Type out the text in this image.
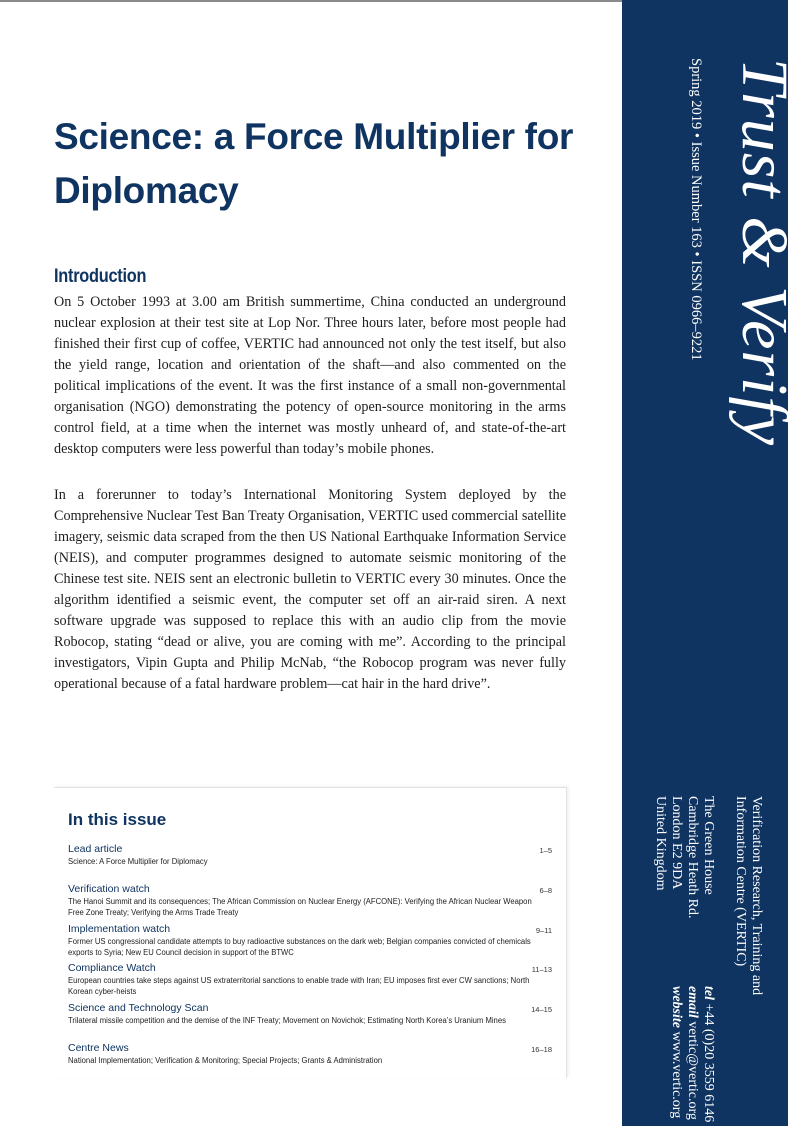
Science: a Force Multiplier for Diplomacy
Introduction

On 5 October 1993 at 3.00 am British summertime, China conducted an underground nuclear explosion at their test site at Lop Nor. Three hours later, before most people had finished their first cup of coffee, VERTIC had announced not only the test itself, but also the yield range, location and orientation of the shaft—and also commented on the political implications of the event. It was the first instance of a small non-governmental organisation (NGO) demonstrating the potency of open-source monitoring in the arms control field, at a time when the internet was mostly unheard of, and state-of-the-art desktop computers were less powerful than today’s mobile phones.

In a forerunner to today’s International Monitoring System deployed by the Comprehensive Nuclear Test Ban Treaty Organisation, VERTIC used commercial satellite imagery, seismic data scraped from the then US National Earthquake Information Service (NEIS), and computer programmes designed to automate seismic monitoring of the Chinese test site. NEIS sent an electronic bulletin to VERTIC every 30 minutes. Once the algorithm identified a seismic event, the computer set off an air-raid siren. A next software upgrade was supposed to replace this with an audio clip from the movie Robocop, stating “dead or alive, you are coming with me”. According to the principal investigators, Vipin Gupta and Philip McNab, “the Robocop program was never fully operational because of a fatal hardware problem—cat hair in the hard drive”.

In this issue
Lead article	1–5
Science: A Force Multiplier for Diplomacy
Verification watch	6–8
The Hanoi Summit and its consequences; The African Commission on Nuclear Energy (AFCONE): Verifying the African Nuclear Weapon Free Zone Treaty; Verifying the Arms Trade Treaty
Implementation watch	9–11
Former US congressional candidate attempts to buy radioactive substances on the dark web; Belgian companies convicted of chemicals exports to Syria; New EU Council decision in support of the BTWC
Compliance Watch	11–13
European countries take steps against US extraterritorial sanctions to enable trade with Iran; EU imposes first ever CW sanctions; North Korean cyber-heists
Science and Technology Scan	14–15
Trilateral missile competition and the demise of the INF Treaty; Movement on Novichok; Estimating North Korea’s Uranium Mines
Centre News	16–18
National Implementation; Verification & Monitoring; Special Projects; Grants & Administration
Trust & Verify
Spring 2019 • Issue Number 163 • ISSN 0966–9221
Verification Research, Training and
Information Centre (VERTIC)
The Green House
tel +44 (0)20 3559 6146
Cambridge Heath Rd.
email vertic@vertic.org
London E2 9DA
website www.vertic.org
United Kingdom
